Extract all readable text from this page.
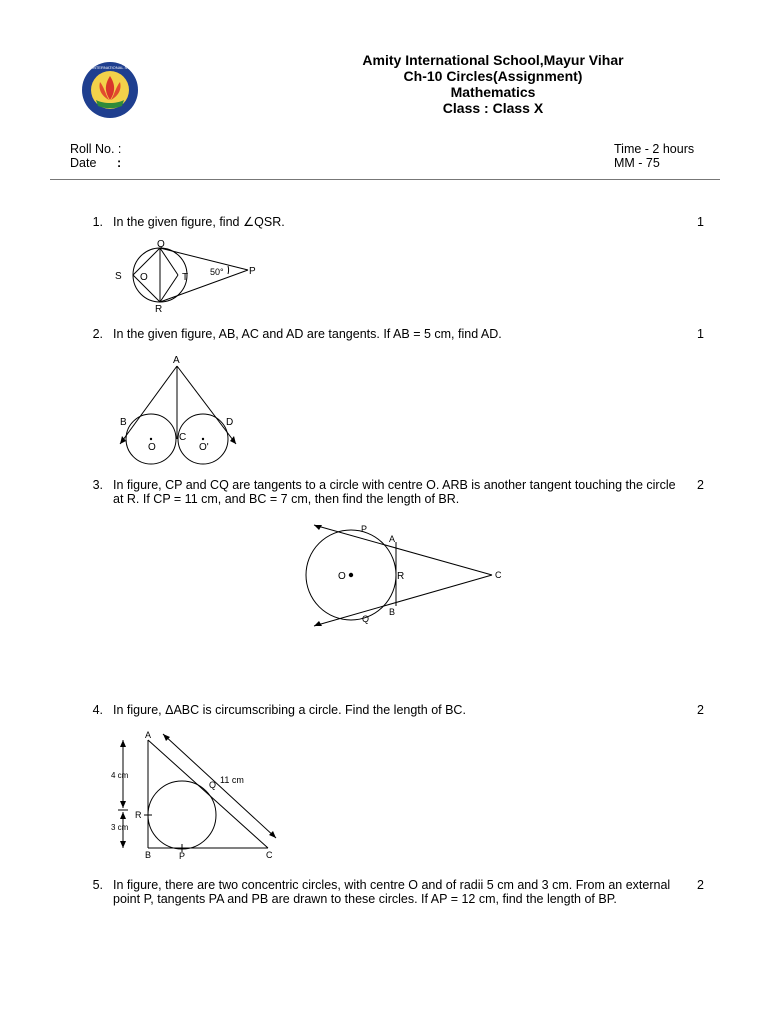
AMITY INTERNATIONAL SCHOOL	Amity International School,Mayur Vihar
Ch-10 Circles(Assignment)
Mathematics
Class : Class X
Roll No. :
Date :
Time - 2 hours
MM - 75
1. In the given figure, find ∠QSR.	1
Q
S O	T 50°	P
R
2. In the given figure, AB, AC and AD are tangents. If AB = 5 cm, find AD.	1
A
B
C
D
O	O'
3. In figure, CP and CQ are tangents to a circle with centre O. ARB is another tangent touching the circle at R. If CP = 11 cm, and BC = 7 cm, then find the length of BR.
2
P
A
O	R	C
Q
B
4. In figure, ΔABC is circumscribing a circle. Find the length of BC.	2
A
Q 11 cm
4 cm
R
3 cm
B	P	C
5. In figure, there are two concentric circles, with centre O and of radii 5 cm and 3 cm. From an external point P, tangents PA and PB are drawn to these circles. If AP = 12 cm, find the length of BP.
2
